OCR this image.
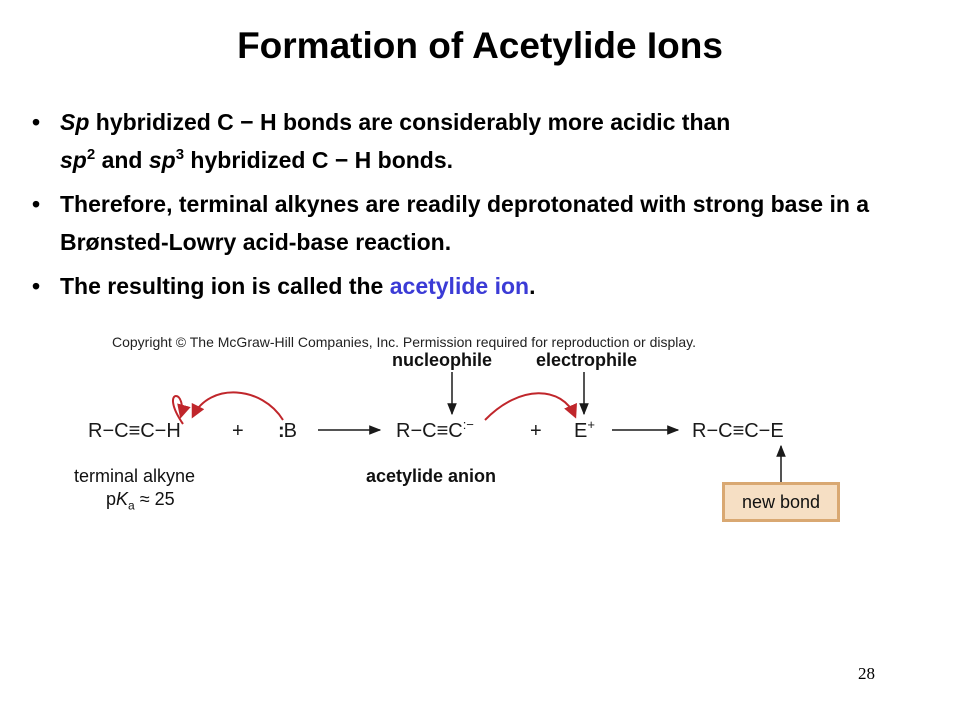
Formation of Acetylide Ions
• Sp hybridized C − H bonds are considerably more acidic than
$sp^2$ and $sp^3$ hybridized C − H bonds.
• Therefore, terminal alkynes are readily deprotonated with strong base in a Brønsted-Lowry acid-base reaction.
• The resulting ion is called the acetylide ion.
Copyright © The McGraw-Hill Companies, Inc. Permission required for reproduction or display.
nucleophile electrophile
R−C≡C−H	+ :B	R−C≡C:−	+ E+	R−C≡C−E
terminal alkyne
$pK_a \approx 25$
acetylide anion
new bond
28
